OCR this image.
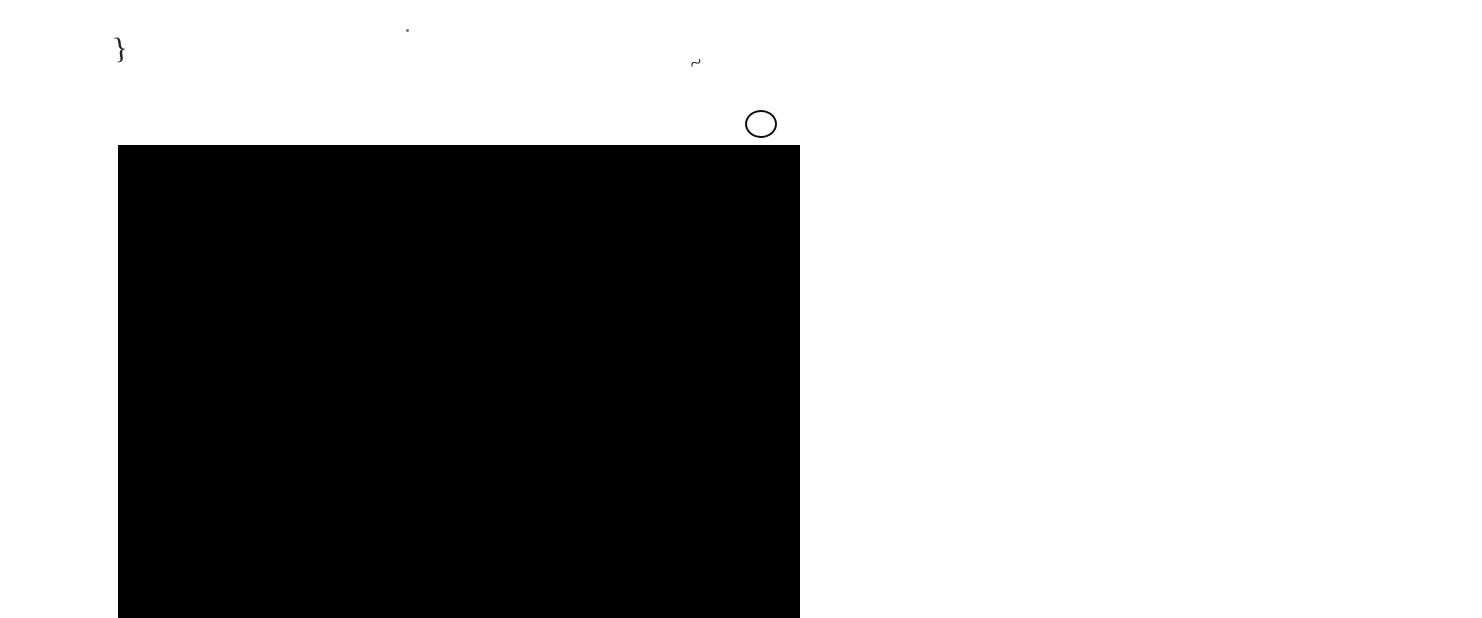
}	~

Attached as Exhibit B are site maps that show the legal boundary of the Property, any physical features to which the ELUC applies, the horizontal and vertical extent of the contaminants of concern above the applicable remediation objectives for groundwater and the nature, location of the source, and direction of movement of the contaminants of concern, as required under 35 Ill. Adm. Code 742. Section Two. Property Owner represents and warrants it is the current owner of the Property and has the authority to record this ELUC on the chain of title for the Property with the Office of the Recorder or Registrar of Titles in Will County, Illinois. Section Three. The Property Owner hereby agrees, for itself, and its heirs, grantees, successors, assigns, transferees and any other owner, occupant, lessee, possessor or user of the Property or the holder of any portion thereof or interest therein, that the groundwater under the Property shall not be used as a potable supply of water. Section Four. This ELUC is binding on the Property Owner, its heirs, grantees, successors, assigns, transferees and any other owner, occupant, lessee, possessor or user of the Property or the holder of any portion thereof or interest therein. This ELUC shall apply in perpetuity against the Property and shall not be released until the IEPA determines there is no longer a need for this ELUC as an institutional control; or until the IEPA, upon written request, issues a new no further remediation determination approving modification or removal of the limitation(s) or requirement(s), and until a release or modification of the land use limitation or requirement is filed on the chain of title for the Property. Section Five. Future Improvement of Property: This ELUC does not limit Property Owner or its successors' or assigns' ability to construct on or otherwise improve the Property or to allow others to use the Property. Property Owner reserves the right to remove contaminated groundwater from the Property and to dispose of it as is appropriate under applicable laws. Section Six. The effective date of this ELUC shall be the date that it is officially recorded in the chain of title for the Property to which the ELUC applies.
